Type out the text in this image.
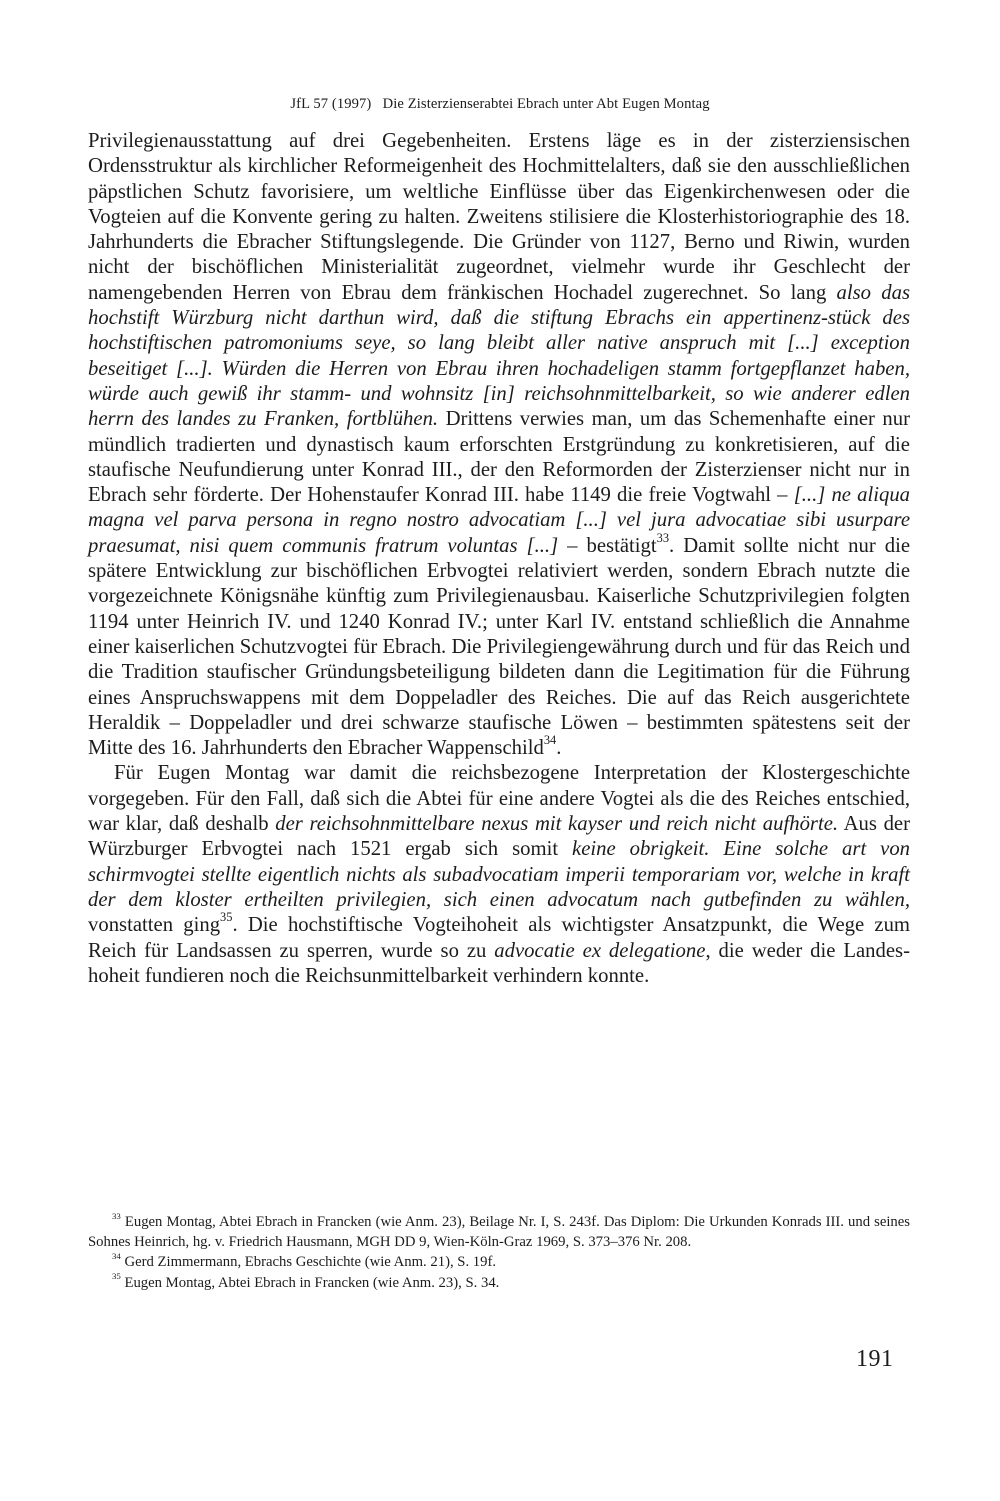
JfL 57 (1997) Die Zisterzienserabtei Ebrach unter Abt Eugen Montag

Privilegienausstattung auf drei Gegebenheiten. Erstens läge es in der zisterziensischen Ordensstruktur als kirchlicher Reformeigenheit des Hochmittelalters, daß sie den ausschließlichen päpstlichen Schutz favorisiere, um weltliche Einflüsse über das Eigenkirchenwesen oder die Vogteien auf die Konvente gering zu halten. Zweitens stilisiere die Klosterhistoriographie des 18. Jahrhunderts die Ebracher Stiftungslegende. Die Gründer von 1127, Berno und Riwin, wurden nicht der bischöflichen Ministerialität zugeordnet, vielmehr wurde ihr Geschlecht der namengebenden Herren von Ebrau dem fränkischen Hochadel zugerechnet. So lang also das hochstift Würzburg nicht darthun wird, daß die stiftung Ebrachs ein appertinenz-stück des hochstiftischen patromoniums seye, so lang bleibt aller native anspruch mit [...] exception beseitiget [...]. Würden die Herren von Ebrau ihren hochadeligen stamm fortgepflanzet haben, würde auch gewiß ihr stamm- und wohnsitz [in] reichsohnmittelbarkeit, so wie anderer edlen herrn des landes zu Franken, fortblühen. Drittens verwies man, um das Schemenhafte einer nur mündlich tradierten und dynastisch kaum erforschten Erstgründung zu konkretisieren, auf die staufische Neufundierung unter Konrad III., der den Reformorden der Zisterzienser nicht nur in Ebrach sehr förderte. Der Hohenstaufer Konrad III. habe 1149 die freie Vogtwahl – [...] ne aliqua magna vel parva persona in regno nostro advocatiam [...] vel jura advocatiae sibi usurpare praesumat, nisi quem communis fratrum voluntas [...] – bestätigt$^{33}$. Damit sollte nicht nur die spätere Entwicklung zur bischöflichen Erbvogtei relativiert werden, sondern Ebrach nutzte die vorgezeichnete Königsnähe künftig zum Privilegienausbau. Kaiserliche Schutzprivilegien folgten 1194 unter Heinrich IV. und 1240 Konrad IV.; unter Karl IV. entstand schließlich die Annahme einer kaiserlichen Schutzvogtei für Ebrach. Die Privilegiengewährung durch und für das Reich und die Tradition staufischer Gründungsbeteiligung bildeten dann die Legitimation für die Führung eines Anspruchswappens mit dem Doppeladler des Reiches. Die auf das Reich ausgerichtete Heraldik – Doppeladler und drei schwarze staufische Löwen – bestimmten spätestens seit der Mitte des 16. Jahrhunderts den Ebracher Wappenschild$^{34}$.

Für Eugen Montag war damit die reichsbezogene Interpretation der Klostergeschichte vorgegeben. Für den Fall, daß sich die Abtei für eine andere Vogtei als die des Reiches entschied, war klar, daß deshalb der reichsohnmittelbare nexus mit kayser und reich nicht aufhörte. Aus der Würzburger Erbvogtei nach 1521 ergab sich somit keine obrigkeit. Eine solche art von schirmvogtei stellte eigentlich nichts als subadvocatiam imperii temporariam vor, welche in kraft der dem kloster ertheilten privilegien, sich einen advocatum nach gutbefinden zu wählen, vonstatten ging$^{35}$. Die hochstiftische Vogteihoheit als wichtigster Ansatzpunkt, die Wege zum Reich für Landsassen zu sperren, wurde so zu advocatie ex delegatione, die weder die Landeshoheit fundieren noch die Reichsunmittelbarkeit verhindern konnte.

$^{33}$ Eugen Montag, Abtei Ebrach in Francken (wie Anm. 23), Beilage Nr. I, S. 243f. Das Diplom: Die Urkunden Konrads III. und seines Sohnes Heinrich, hg. v. Friedrich Hausmann, MGH DD 9, Wien-Köln-Graz 1969, S. 373–376 Nr. 208.

$^{34}$ Gerd Zimmermann, Ebrachs Geschichte (wie Anm. 21), S. 19f.

$^{35}$ Eugen Montag, Abtei Ebrach in Francken (wie Anm. 23), S. 34.

191
